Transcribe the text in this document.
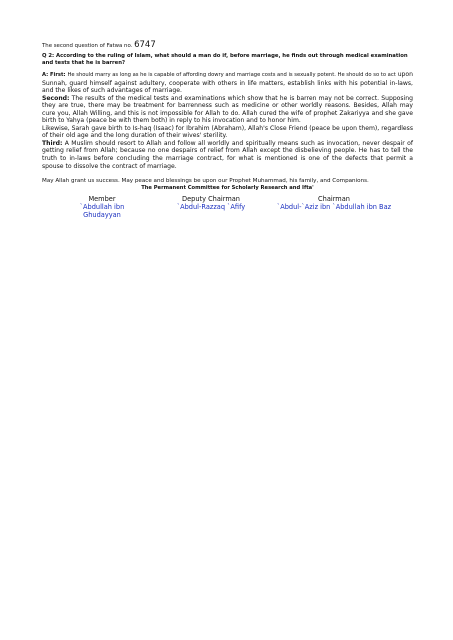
The second question of Fatwa no. 6747
Q 2: According to the ruling of Islam, what should a man do if, before marriage, he finds out through medical examination and tests that he is barren?

A: First: He should marry as long as he is capable of affording dowry and marriage costs and is sexually potent. He should do so to act upon Sunnah, guard himself against adultery, cooperate with others in life matters, establish links with his potential in-laws, and the likes of such advantages of marriage.

Second: The results of the medical tests and examinations which show that he is barren may not be correct. Supposing they are true, there may be treatment for barrenness such as medicine or other worldly reasons. Besides, Allah may cure you, Allah Willing, and this is not impossible for Allah to do. Allah cured the wife of prophet Zakariyya and she gave birth to Yahya (peace be with them both) in reply to his invocation and to honor him.

Likewise, Sarah gave birth to Is-haq (Isaac) for Ibrahim (Abraham), Allah's Close Friend (peace be upon them), regardless of their old age and the long duration of their wives' sterility.

Third: A Muslim should resort to Allah and follow all worldly and spiritually means such as invocation, never despair of getting relief from Allah; because no one despairs of relief from Allah except the disbelieving people. He has to tell the truth to in-laws before concluding the marriage contract, for what is mentioned is one of the defects that permit a spouse to dissolve the contract of marriage.

May Allah grant us success. May peace and blessings be upon our Prophet Muhammad, his family, and Companions.
The Permanent Committee for Scholarly Research and Ifta'
Member
`Abdullah ibn Ghudayyan
Deputy Chairman
`Abdul-Razzaq `Afify
Chairman
`Abdul-`Aziz ibn `Abdullah ibn Baz
